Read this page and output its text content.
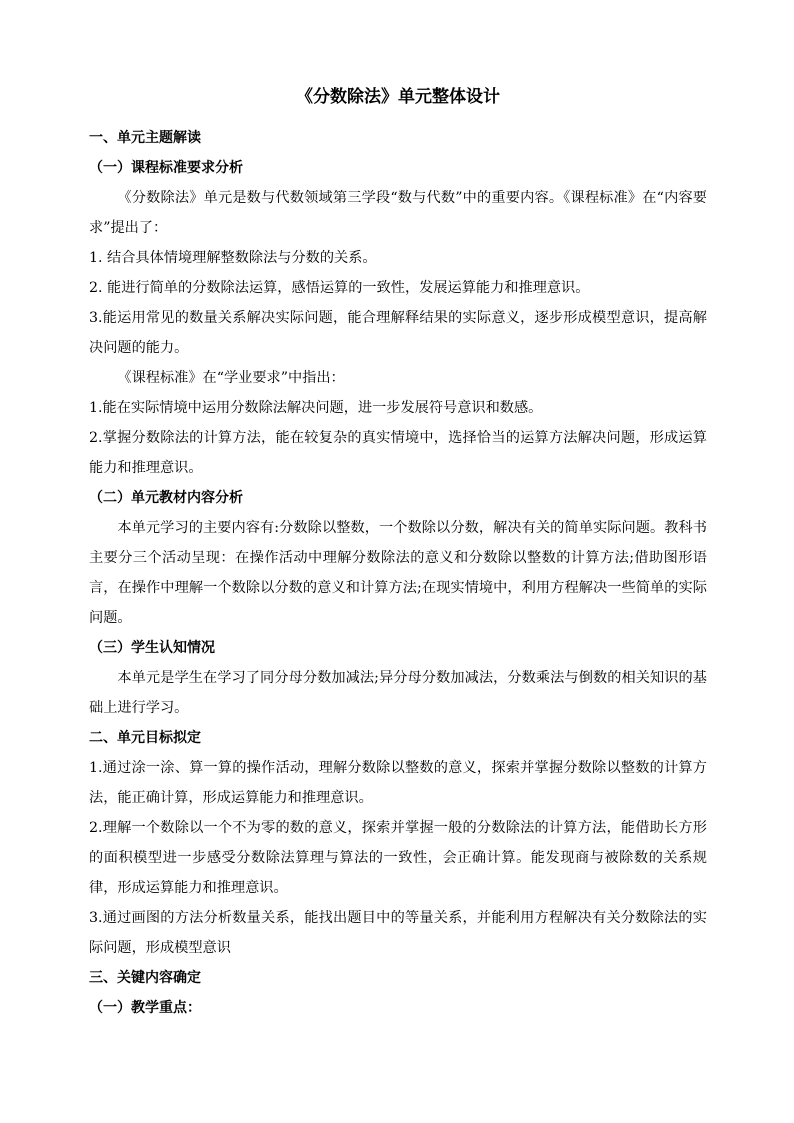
《分数除法》单元整体设计

一、单元主题解读

（一）课程标准要求分析

《分数除法》单元是数与代数领域第三学段“数与代数”中的重要内容。《课程标准》在“内容要求”提出了：

1. 结合具体情境理解整数除法与分数的关系。

2. 能进行简单的分数除法运算，感悟运算的一致性，发展运算能力和推理意识。

3.能运用常见的数量关系解决实际问题，能合理解释结果的实际意义，逐步形成模型意识，提高解决问题的能力。

《课程标准》在“学业要求”中指出：

1.能在实际情境中运用分数除法解决问题，进一步发展符号意识和数感。

2.掌握分数除法的计算方法，能在较复杂的真实情境中，选择恰当的运算方法解决问题，形成运算能力和推理意识。

（二）单元教材内容分析

本单元学习的主要内容有:分数除以整数，一个数除以分数，解决有关的简单实际问题。教科书主要分三个活动呈现：在操作活动中理解分数除法的意义和分数除以整数的计算方法;借助图形语言，在操作中理解一个数除以分数的意义和计算方法;在现实情境中，利用方程解决一些简单的实际问题。

（三）学生认知情况

本单元是学生在学习了同分母分数加减法;异分母分数加减法，分数乘法与倒数的相关知识的基础上进行学习。

二、单元目标拟定

1.通过涂一涂、算一算的操作活动，理解分数除以整数的意义，探索并掌握分数除以整数的计算方法，能正确计算，形成运算能力和推理意识。

2.理解一个数除以一个不为零的数的意义，探索并掌握一般的分数除法的计算方法，能借助长方形的面积模型进一步感受分数除法算理与算法的一致性，会正确计算。能发现商与被除数的关系规律，形成运算能力和推理意识。

3.通过画图的方法分析数量关系，能找出题目中的等量关系，并能利用方程解决有关分数除法的实际问题，形成模型意识

三、关键内容确定

（一）教学重点：
